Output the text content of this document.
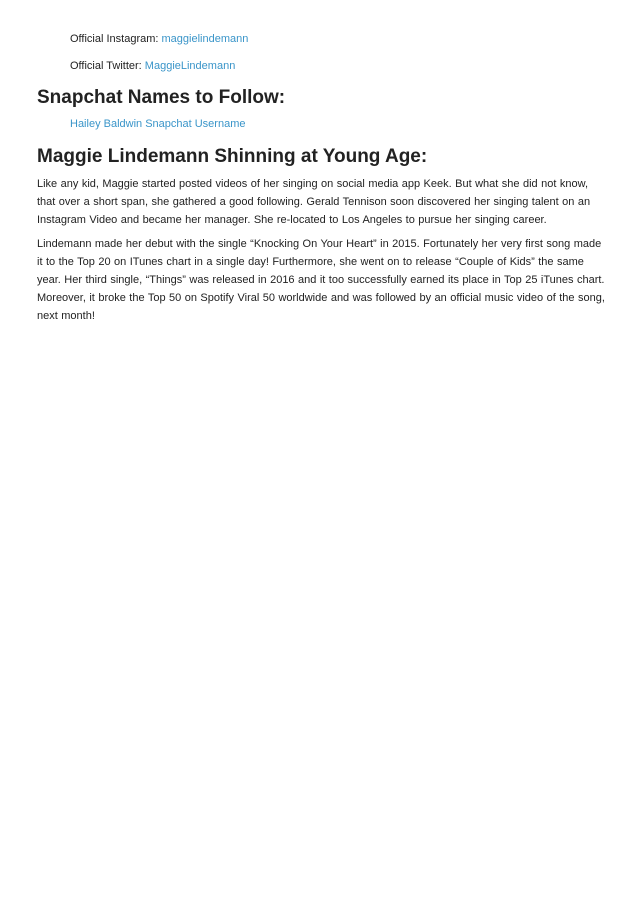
Official Instagram: maggielindemann
Official Twitter: MaggieLindemann
Snapchat Names to Follow:
Hailey Baldwin Snapchat Username
Maggie Lindemann Shinning at Young Age:

Like any kid, Maggie started posted videos of her singing on social media app Keek. But what she did not know, that over a short span, she gathered a good following. Gerald Tennison soon discovered her singing talent on an Instagram Video and became her manager. She re-located to Los Angeles to pursue her singing career.

Lindemann made her debut with the single “Knocking On Your Heart” in 2015. Fortunately her very first song made it to the Top 20 on ITunes chart in a single day! Furthermore, she went on to release “Couple of Kids” the same year. Her third single, “Things” was released in 2016 and it too successfully earned its place in Top 25 iTunes chart. Moreover, it broke the Top 50 on Spotify Viral 50 worldwide and was followed by an official music video of the song, next month!
